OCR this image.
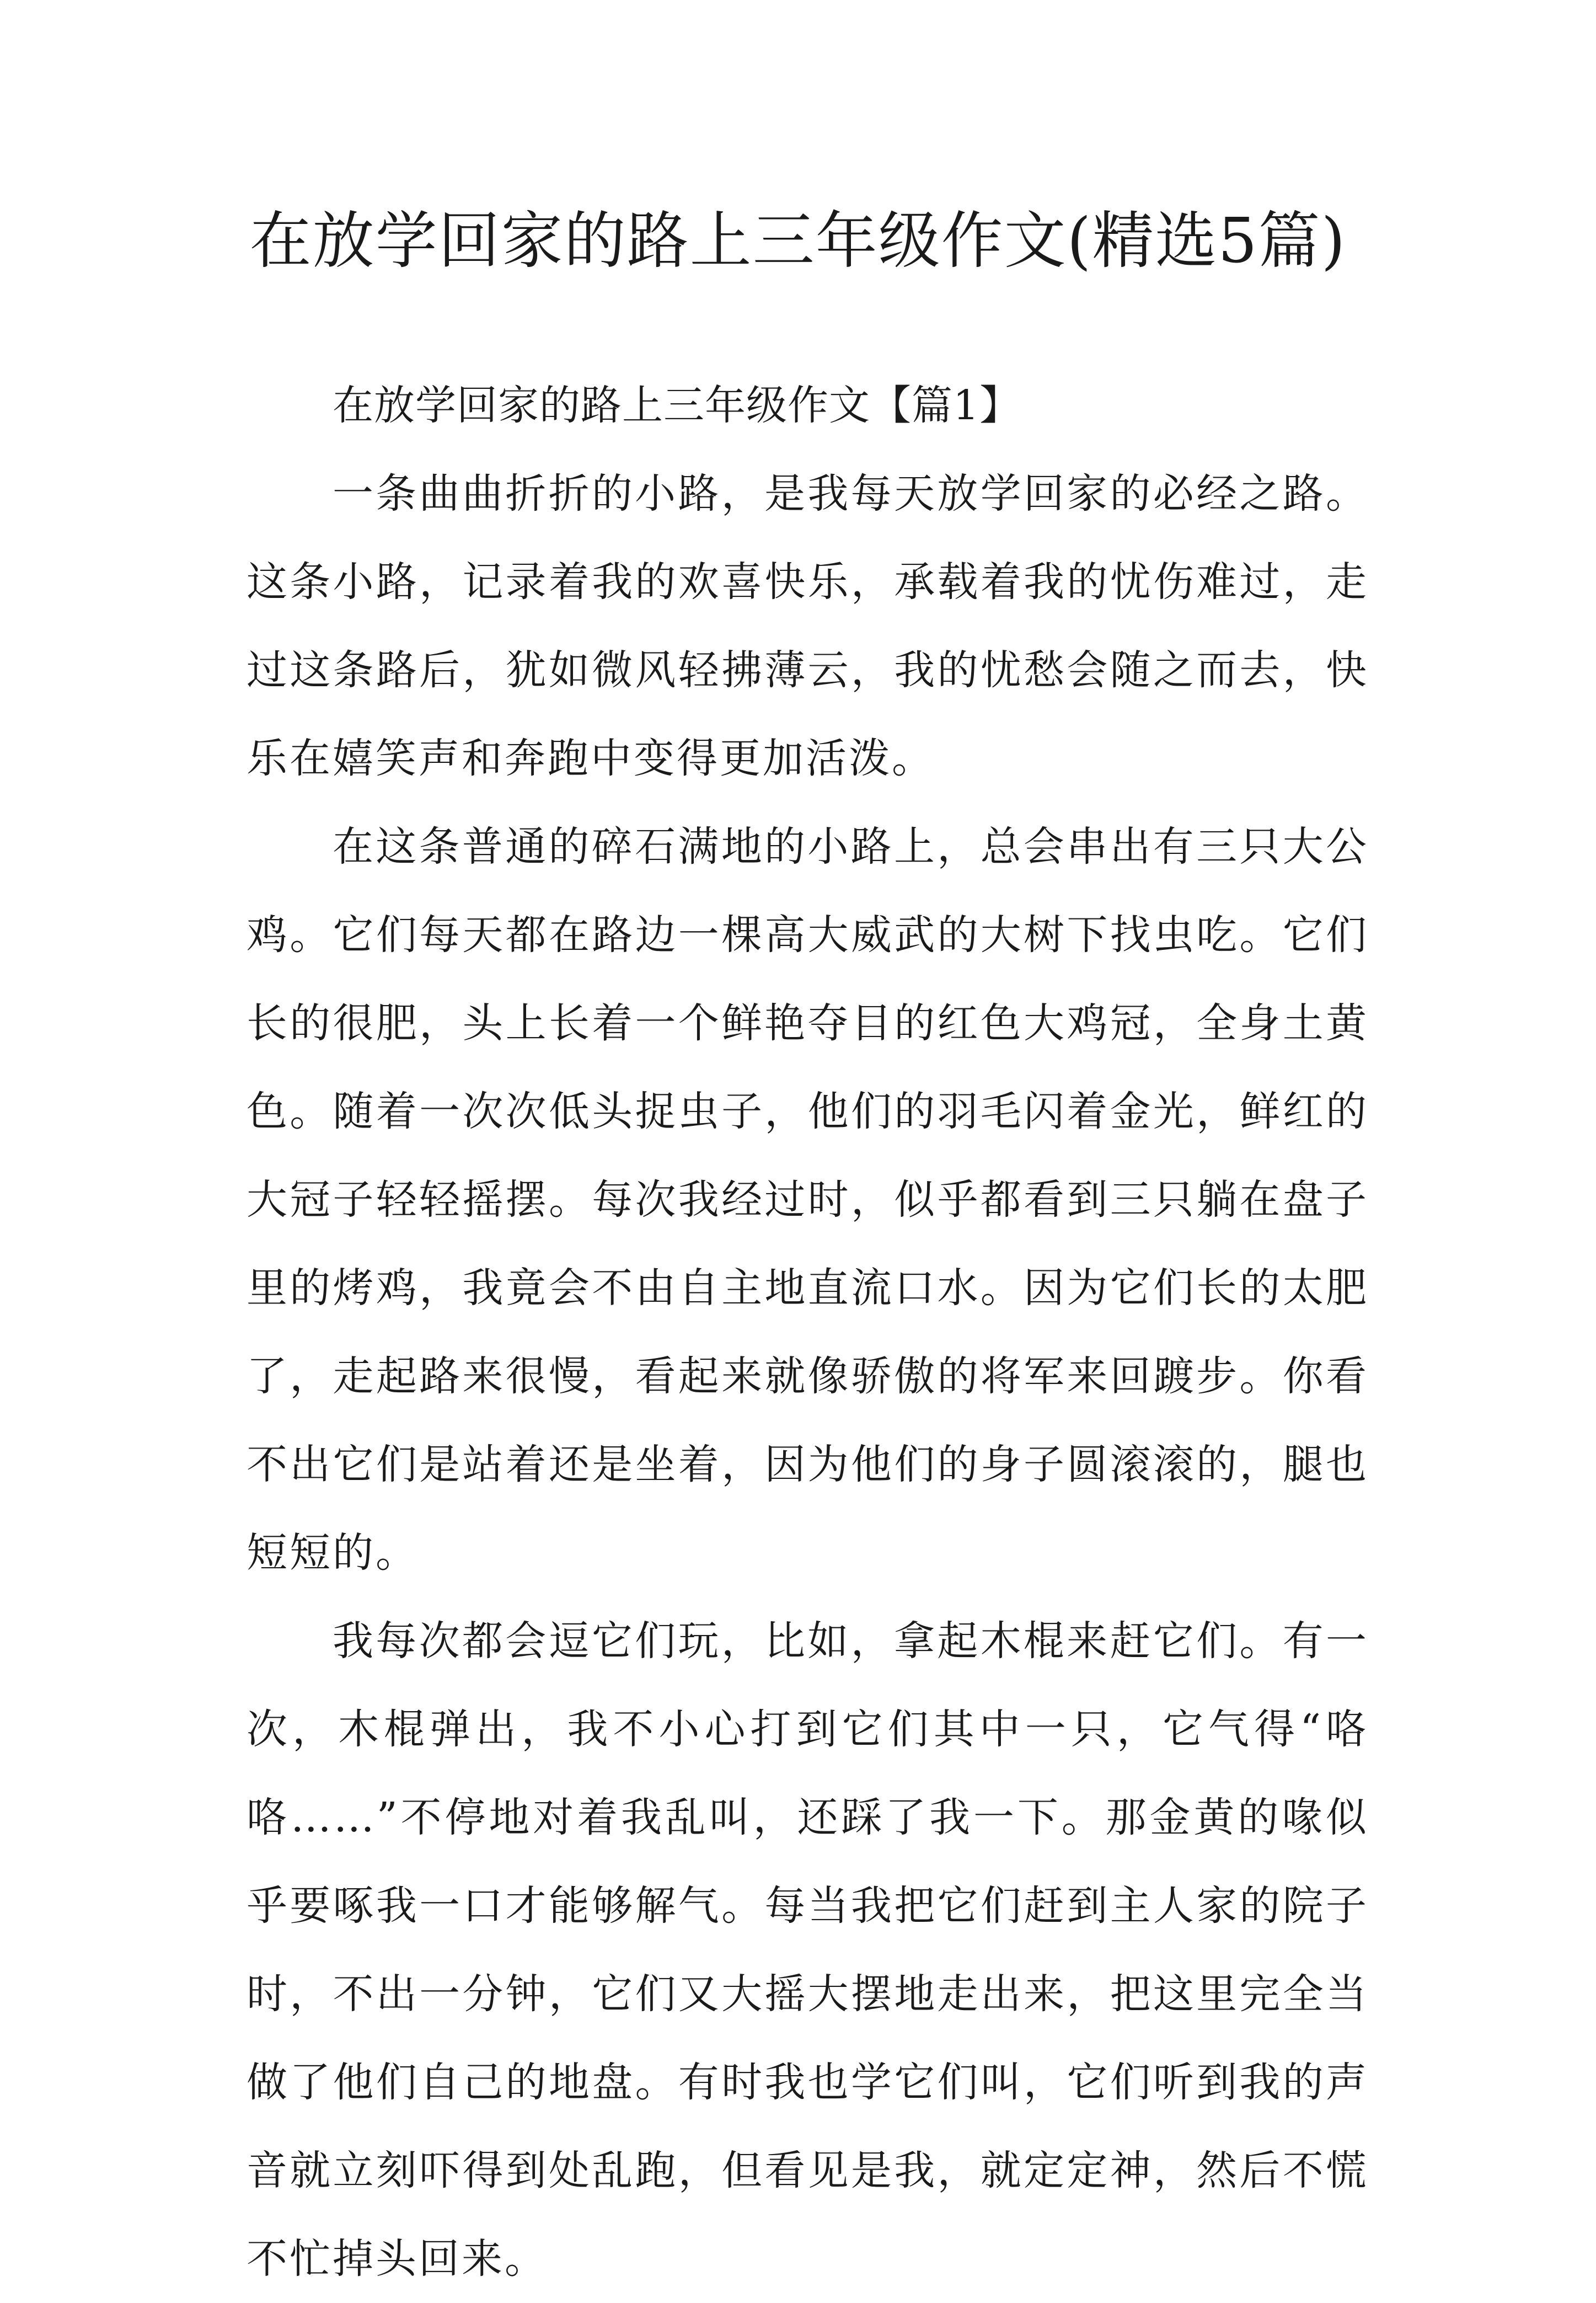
在放学回家的路上三年级作文(精选5篇)
在放学回家的路上三年级作文【篇1】

一条曲曲折折的小路，是我每天放学回家的必经之路。这条小路，记录着我的欢喜快乐，承载着我的忧伤难过，走过这条路后，犹如微风轻拂薄云，我的忧愁会随之而去，快乐在嬉笑声和奔跑中变得更加活泼。

在这条普通的碎石满地的小路上，总会串出有三只大公鸡。它们每天都在路边一棵高大威武的大树下找虫吃。它们长的很肥，头上长着一个鲜艳夺目的红色大鸡冠，全身土黄色。随着一次次低头捉虫子，他们的羽毛闪着金光，鲜红的大冠子轻轻摇摆。每次我经过时，似乎都看到三只躺在盘子里的烤鸡，我竟会不由自主地直流口水。因为它们长的太肥了，走起路来很慢，看起来就像骄傲的将军来回踱步。你看不出它们是站着还是坐着，因为他们的身子圆滚滚的，腿也短短的。

我每次都会逗它们玩，比如，拿起木棍来赶它们。有一次，木棍弹出，我不小心打到它们其中一只，它气得“咯咯……”不停地对着我乱叫，还踩了我一下。那金黄的喙似乎要啄我一口才能够解气。每当我把它们赶到主人家的院子时，不出一分钟，它们又大摇大摆地走出来，把这里完全当做了他们自己的地盘。有时我也学它们叫，它们听到我的声音就立刻吓得到处乱跑，但看见是我，就定定神，然后不慌不忙掉头回来。
